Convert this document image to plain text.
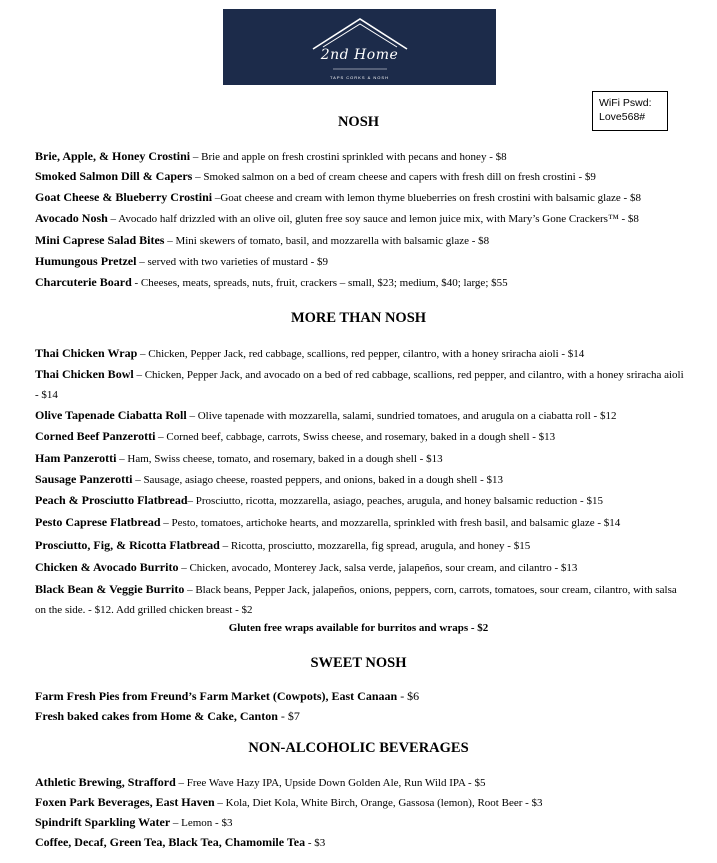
2nd Home
TAPS CORKS & NOSH
WiFi Pswd:
Love568#
NOSH
Brie, Apple, & Honey Crostini – Brie and apple on fresh crostini sprinkled with pecans and honey - $8
Smoked Salmon Dill & Capers – Smoked salmon on a bed of cream cheese and capers with fresh dill on fresh crostini - $9
Goat Cheese & Blueberry Crostini –Goat cheese and cream with lemon thyme blueberries on fresh crostini with balsamic glaze - $8
Avocado Nosh – Avocado half drizzled with an olive oil, gluten free soy sauce and lemon juice mix, with Mary’s Gone Crackers™ - $8
Mini Caprese Salad Bites – Mini skewers of tomato, basil, and mozzarella with balsamic glaze - $8
Humungous Pretzel – served with two varieties of mustard - $9
Charcuterie Board - Cheeses, meats, spreads, nuts, fruit, crackers – small, $23; medium, $40; large; $55
MORE THAN NOSH
Thai Chicken Wrap – Chicken, Pepper Jack, red cabbage, scallions, red pepper, cilantro, with a honey sriracha aioli - $14
Thai Chicken Bowl – Chicken, Pepper Jack, and avocado on a bed of red cabbage, scallions, red pepper, and cilantro, with a honey sriracha aioli - $14
Olive Tapenade Ciabatta Roll – Olive tapenade with mozzarella, salami, sundried tomatoes, and arugula on a ciabatta roll - $12
Corned Beef Panzerotti – Corned beef, cabbage, carrots, Swiss cheese, and rosemary, baked in a dough shell - $13
Ham Panzerotti – Ham, Swiss cheese, tomato, and rosemary, baked in a dough shell - $13
Sausage Panzerotti – Sausage, asiago cheese, roasted peppers, and onions, baked in a dough shell - $13
Peach & Prosciutto Flatbread– Prosciutto, ricotta, mozzarella, asiago, peaches, arugula, and honey balsamic reduction - $15
Pesto Caprese Flatbread – Pesto, tomatoes, artichoke hearts, and mozzarella, sprinkled with fresh basil, and balsamic glaze - $14
Prosciutto, Fig, & Ricotta Flatbread – Ricotta, prosciutto, mozzarella, fig spread, arugula, and honey - $15
Chicken & Avocado Burrito – Chicken, avocado, Monterey Jack, salsa verde, jalapeños, sour cream, and cilantro - $13
Black Bean & Veggie Burrito – Black beans, Pepper Jack, jalapeños, onions, peppers, corn, carrots, tomatoes, sour cream, cilantro, with salsa on the side. - $12. Add grilled chicken breast - $2
Gluten free wraps available for burritos and wraps - $2
SWEET NOSH
Farm Fresh Pies from Freund’s Farm Market (Cowpots), East Canaan - $6
Fresh baked cakes from Home & Cake, Canton - $7
NON-ALCOHOLIC BEVERAGES
Athletic Brewing, Strafford – Free Wave Hazy IPA, Upside Down Golden Ale, Run Wild IPA - $5
Foxen Park Beverages, East Haven – Kola, Diet Kola, White Birch, Orange, Gassosa (lemon), Root Beer - $3
Spindrift Sparkling Water – Lemon - $3
Coffee, Decaf, Green Tea, Black Tea, Chamomile Tea - $3
